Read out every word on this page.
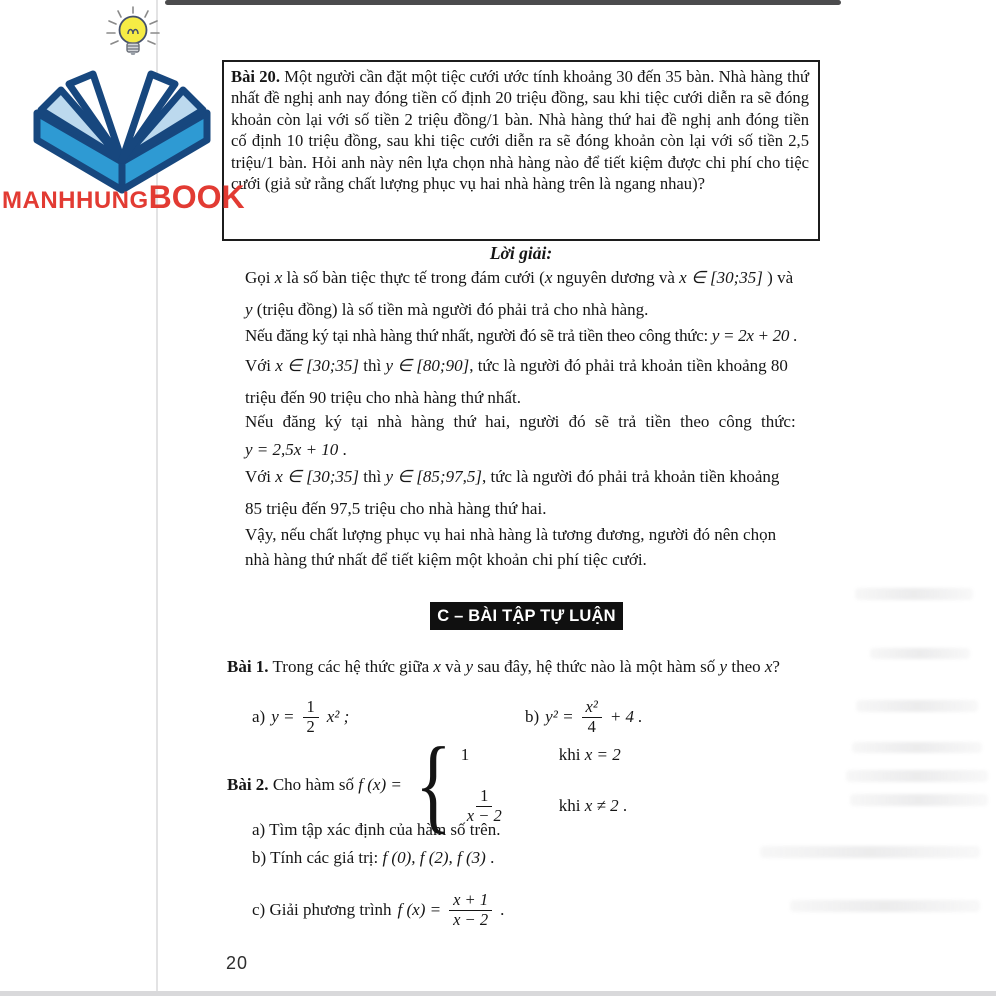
Bài 20. Một người cần đặt một tiệc cưới ước tính khoảng 30 đến 35 bàn. Nhà hàng thứ nhất đề nghị anh nay đóng tiền cố định 20 triệu đồng, sau khi tiệc cưới diễn ra sẽ đóng khoản còn lại với số tiền 2 triệu đồng/1 bàn. Nhà hàng thứ hai đề nghị anh đóng tiền cố định 10 triệu đồng, sau khi tiệc cưới diễn ra sẽ đóng khoản còn lại với số tiền 2,5 triệu/1 bàn. Hỏi anh này nên lựa chọn nhà hàng nào để tiết kiệm được chi phí cho tiệc cưới (giả sử rằng chất lượng phục vụ hai nhà hàng trên là ngang nhau)?

MANHHUNGBOOK
Lời giải:
Gọi x là số bàn tiệc thực tế trong đám cưới (x nguyên dương và x ∈ [30;35] ) và
y (triệu đồng) là số tiền mà người đó phải trả cho nhà hàng.
Nếu đăng ký tại nhà hàng thứ nhất, người đó sẽ trả tiền theo công thức: y = 2x + 20 .
Với x ∈ [30;35] thì y ∈ [80;90], tức là người đó phải trả khoản tiền khoảng 80
triệu đến 90 triệu cho nhà hàng thứ nhất.
Nếu đăng ký tại nhà hàng thứ hai, người đó sẽ trả tiền theo công thức:
y = 2,5x + 10 .
Với x ∈ [30;35] thì y ∈ [85;97,5], tức là người đó phải trả khoản tiền khoảng
85 triệu đến 97,5 triệu cho nhà hàng thứ hai.
Vậy, nếu chất lượng phục vụ hai nhà hàng là tương đương, người đó nên chọn
nhà hàng thứ nhất để tiết kiệm một khoản chi phí tiệc cưới.
C – BÀI TẬP TỰ LUẬN
Bài 1. Trong các hệ thức giữa x và y sau đây, hệ thức nào là một hàm số y theo x?
a) $y = \frac{1}{2} x^2$ ;	b) $y^2 = \frac{\text{x²}}{4} + 4$ .
Bài 2.
Cho hàm số
f (x) = { 1	khi x = 2
$\frac{1}{x - 2}$	khi x ≠ 2 .
a) Tìm tập xác định của hàm số trên.
b) Tính các giá trị: f (0), f (2), f (3) .
c) Giải phương trình f $(x) = \frac{x + 1}{x - 2}$ .
20
